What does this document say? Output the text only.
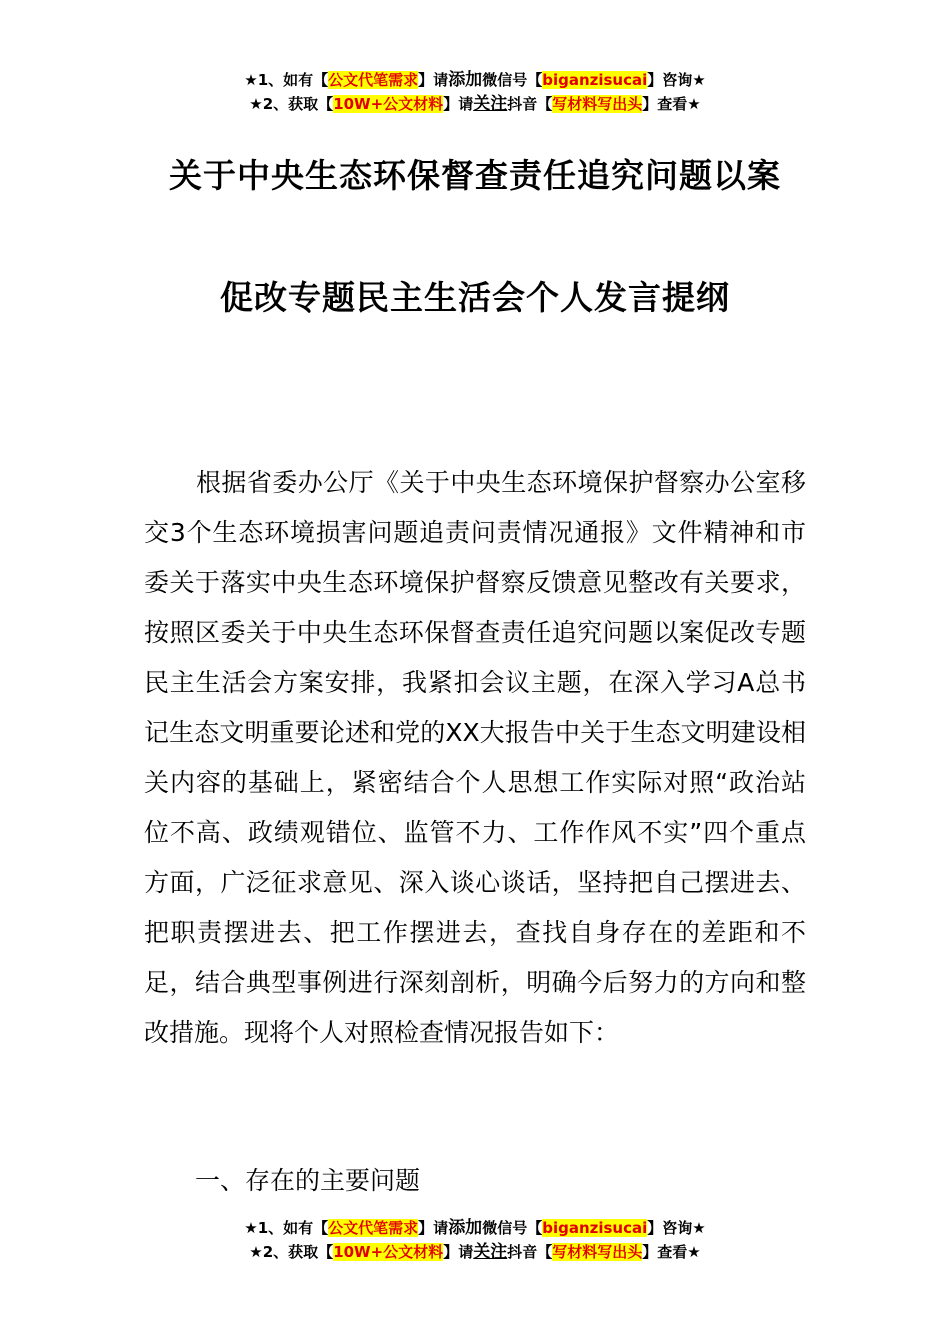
★1、如有【公文代笔需求】请添加微信号【biganzisucai】咨询★
★2、获取【10W+公文材料】请关注抖音【写材料写出头】查看★
关于中央生态环保督查责任追究问题以案
促改专题民主生活会个人发言提纲

根据省委办公厅《关于中央生态环境保护督察办公室移交3个生态环境损害问题追责问责情况通报》文件精神和市委关于落实中央生态环境保护督察反馈意见整改有关要求，按照区委关于中央生态环保督查责任追究问题以案促改专题民主生活会方案安排，我紧扣会议主题，在深入学习A总书记生态文明重要论述和党的XX大报告中关于生态文明建设相关内容的基础上，紧密结合个人思想工作实际对照“政治站位不高、政绩观错位、监管不力、工作作风不实”四个重点方面，广泛征求意见、深入谈心谈话，坚持把自己摆进去、把职责摆进去、把工作摆进去，查找自身存在的差距和不足，结合典型事例进行深刻剖析，明确今后努力的方向和整改措施。现将个人对照检查情况报告如下：

一、存在的主要问题

★1、如有【公文代笔需求】请添加微信号【biganzisucai】咨询★
★2、获取【10W+公文材料】请关注抖音【写材料写出头】查看★
